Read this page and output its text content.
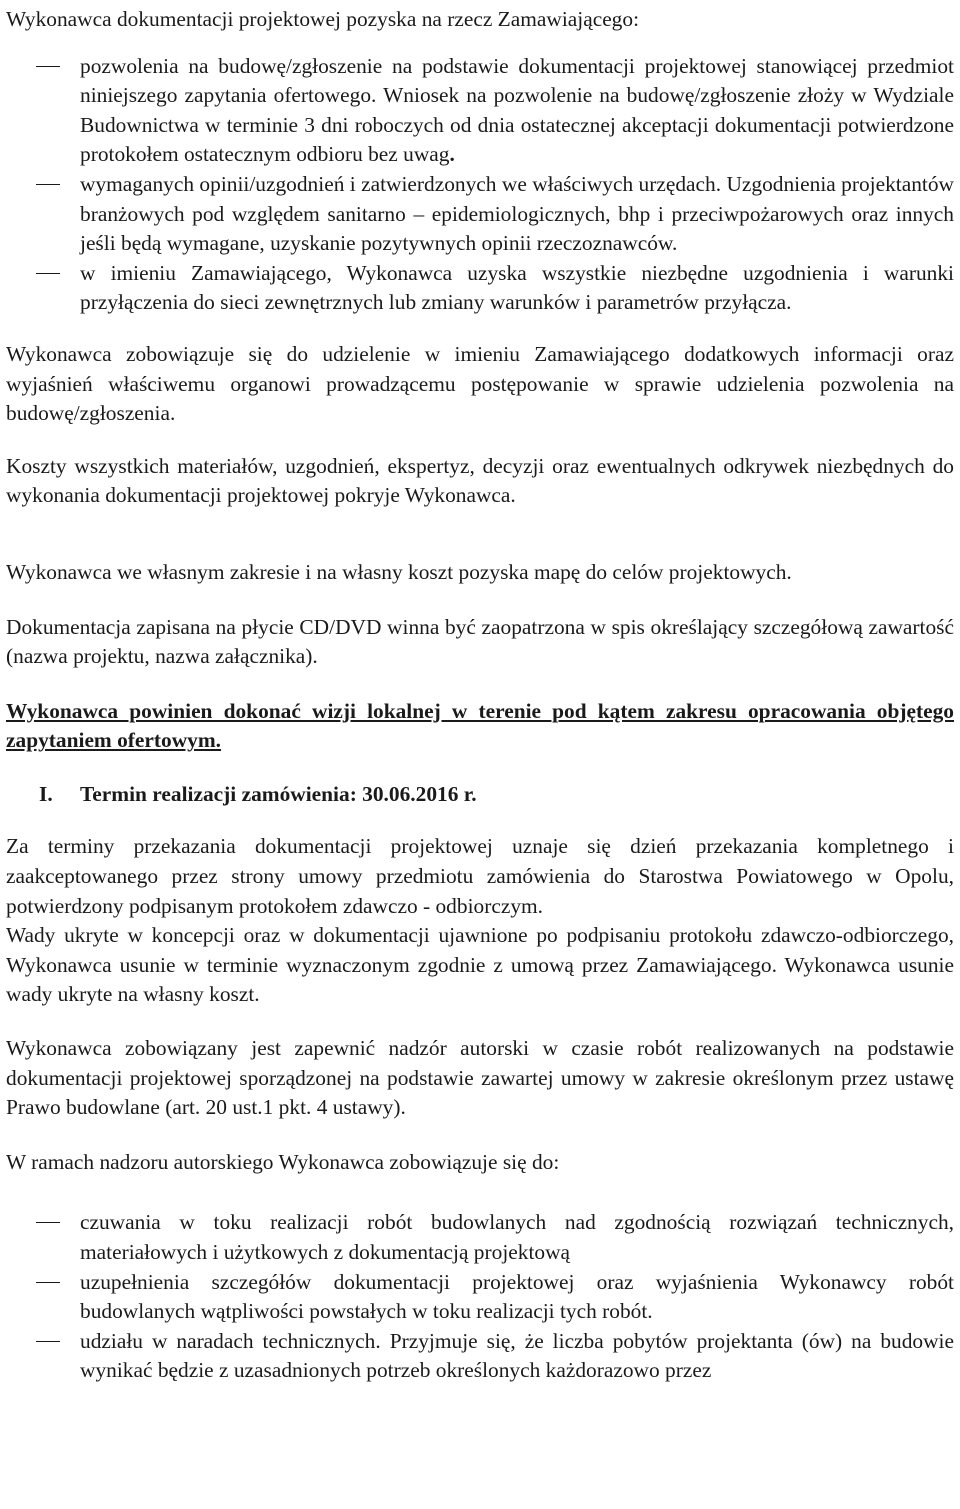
Wykonawca dokumentacji projektowej pozyska na rzecz Zamawiającego:

pozwolenia na budowę/zgłoszenie na podstawie dokumentacji projektowej stanowiącej przedmiot niniejszego zapytania ofertowego. Wniosek na pozwolenie na budowę/zgłoszenie złoży w Wydziale Budownictwa w terminie 3 dni roboczych od dnia ostatecznej akceptacji dokumentacji potwierdzone protokołem ostatecznym odbioru bez uwag.
wymaganych opinii/uzgodnień i zatwierdzonych we właściwych urzędach. Uzgodnienia projektantów branżowych pod względem sanitarno – epidemiologicznych, bhp i przeciwpożarowych oraz innych jeśli będą wymagane, uzyskanie pozytywnych opinii rzeczoznawców.
w imieniu Zamawiającego, Wykonawca uzyska wszystkie niezbędne uzgodnienia i warunki przyłączenia do sieci zewnętrznych lub zmiany warunków i parametrów przyłącza.

Wykonawca zobowiązuje się do udzielenie w imieniu Zamawiającego dodatkowych informacji oraz wyjaśnień właściwemu organowi prowadzącemu postępowanie w sprawie udzielenia pozwolenia na budowę/zgłoszenia.

Koszty wszystkich materiałów, uzgodnień, ekspertyz, decyzji oraz ewentualnych odkrywek niezbędnych do wykonania dokumentacji projektowej pokryje Wykonawca.

Wykonawca we własnym zakresie i na własny koszt pozyska mapę do celów projektowych.

Dokumentacja zapisana na płycie CD/DVD winna być zaopatrzona w spis określający szczegółową zawartość (nazwa projektu, nazwa załącznika).

Wykonawca powinien dokonać wizji lokalnej w terenie pod kątem zakresu opracowania objętego zapytaniem ofertowym.

I. Termin realizacji zamówienia: 30.06.2016 r.

Za terminy przekazania dokumentacji projektowej uznaje się dzień przekazania kompletnego i zaakceptowanego przez strony umowy przedmiotu zamówienia do Starostwa Powiatowego w Opolu, potwierdzony podpisanym protokołem zdawczo - odbiorczym.

Wady ukryte w koncepcji oraz w dokumentacji ujawnione po podpisaniu protokołu zdawczo-odbiorczego, Wykonawca usunie w terminie wyznaczonym zgodnie z umową przez Zamawiającego. Wykonawca usunie wady ukryte na własny koszt.

Wykonawca zobowiązany jest zapewnić nadzór autorski w czasie robót realizowanych na podstawie dokumentacji projektowej sporządzonej na podstawie zawartej umowy w zakresie określonym przez ustawę Prawo budowlane (art. 20 ust.1 pkt. 4 ustawy).

W ramach nadzoru autorskiego Wykonawca zobowiązuje się do:

czuwania w toku realizacji robót budowlanych nad zgodnością rozwiązań technicznych, materiałowych i użytkowych z dokumentacją projektową
uzupełnienia szczegółów dokumentacji projektowej oraz wyjaśnienia Wykonawcy robót budowlanych wątpliwości powstałych w toku realizacji tych robót.
udziału w naradach technicznych. Przyjmuje się, że liczba pobytów projektanta (ów) na budowie wynikać będzie z uzasadnionych potrzeb określonych każdorazowo przez
